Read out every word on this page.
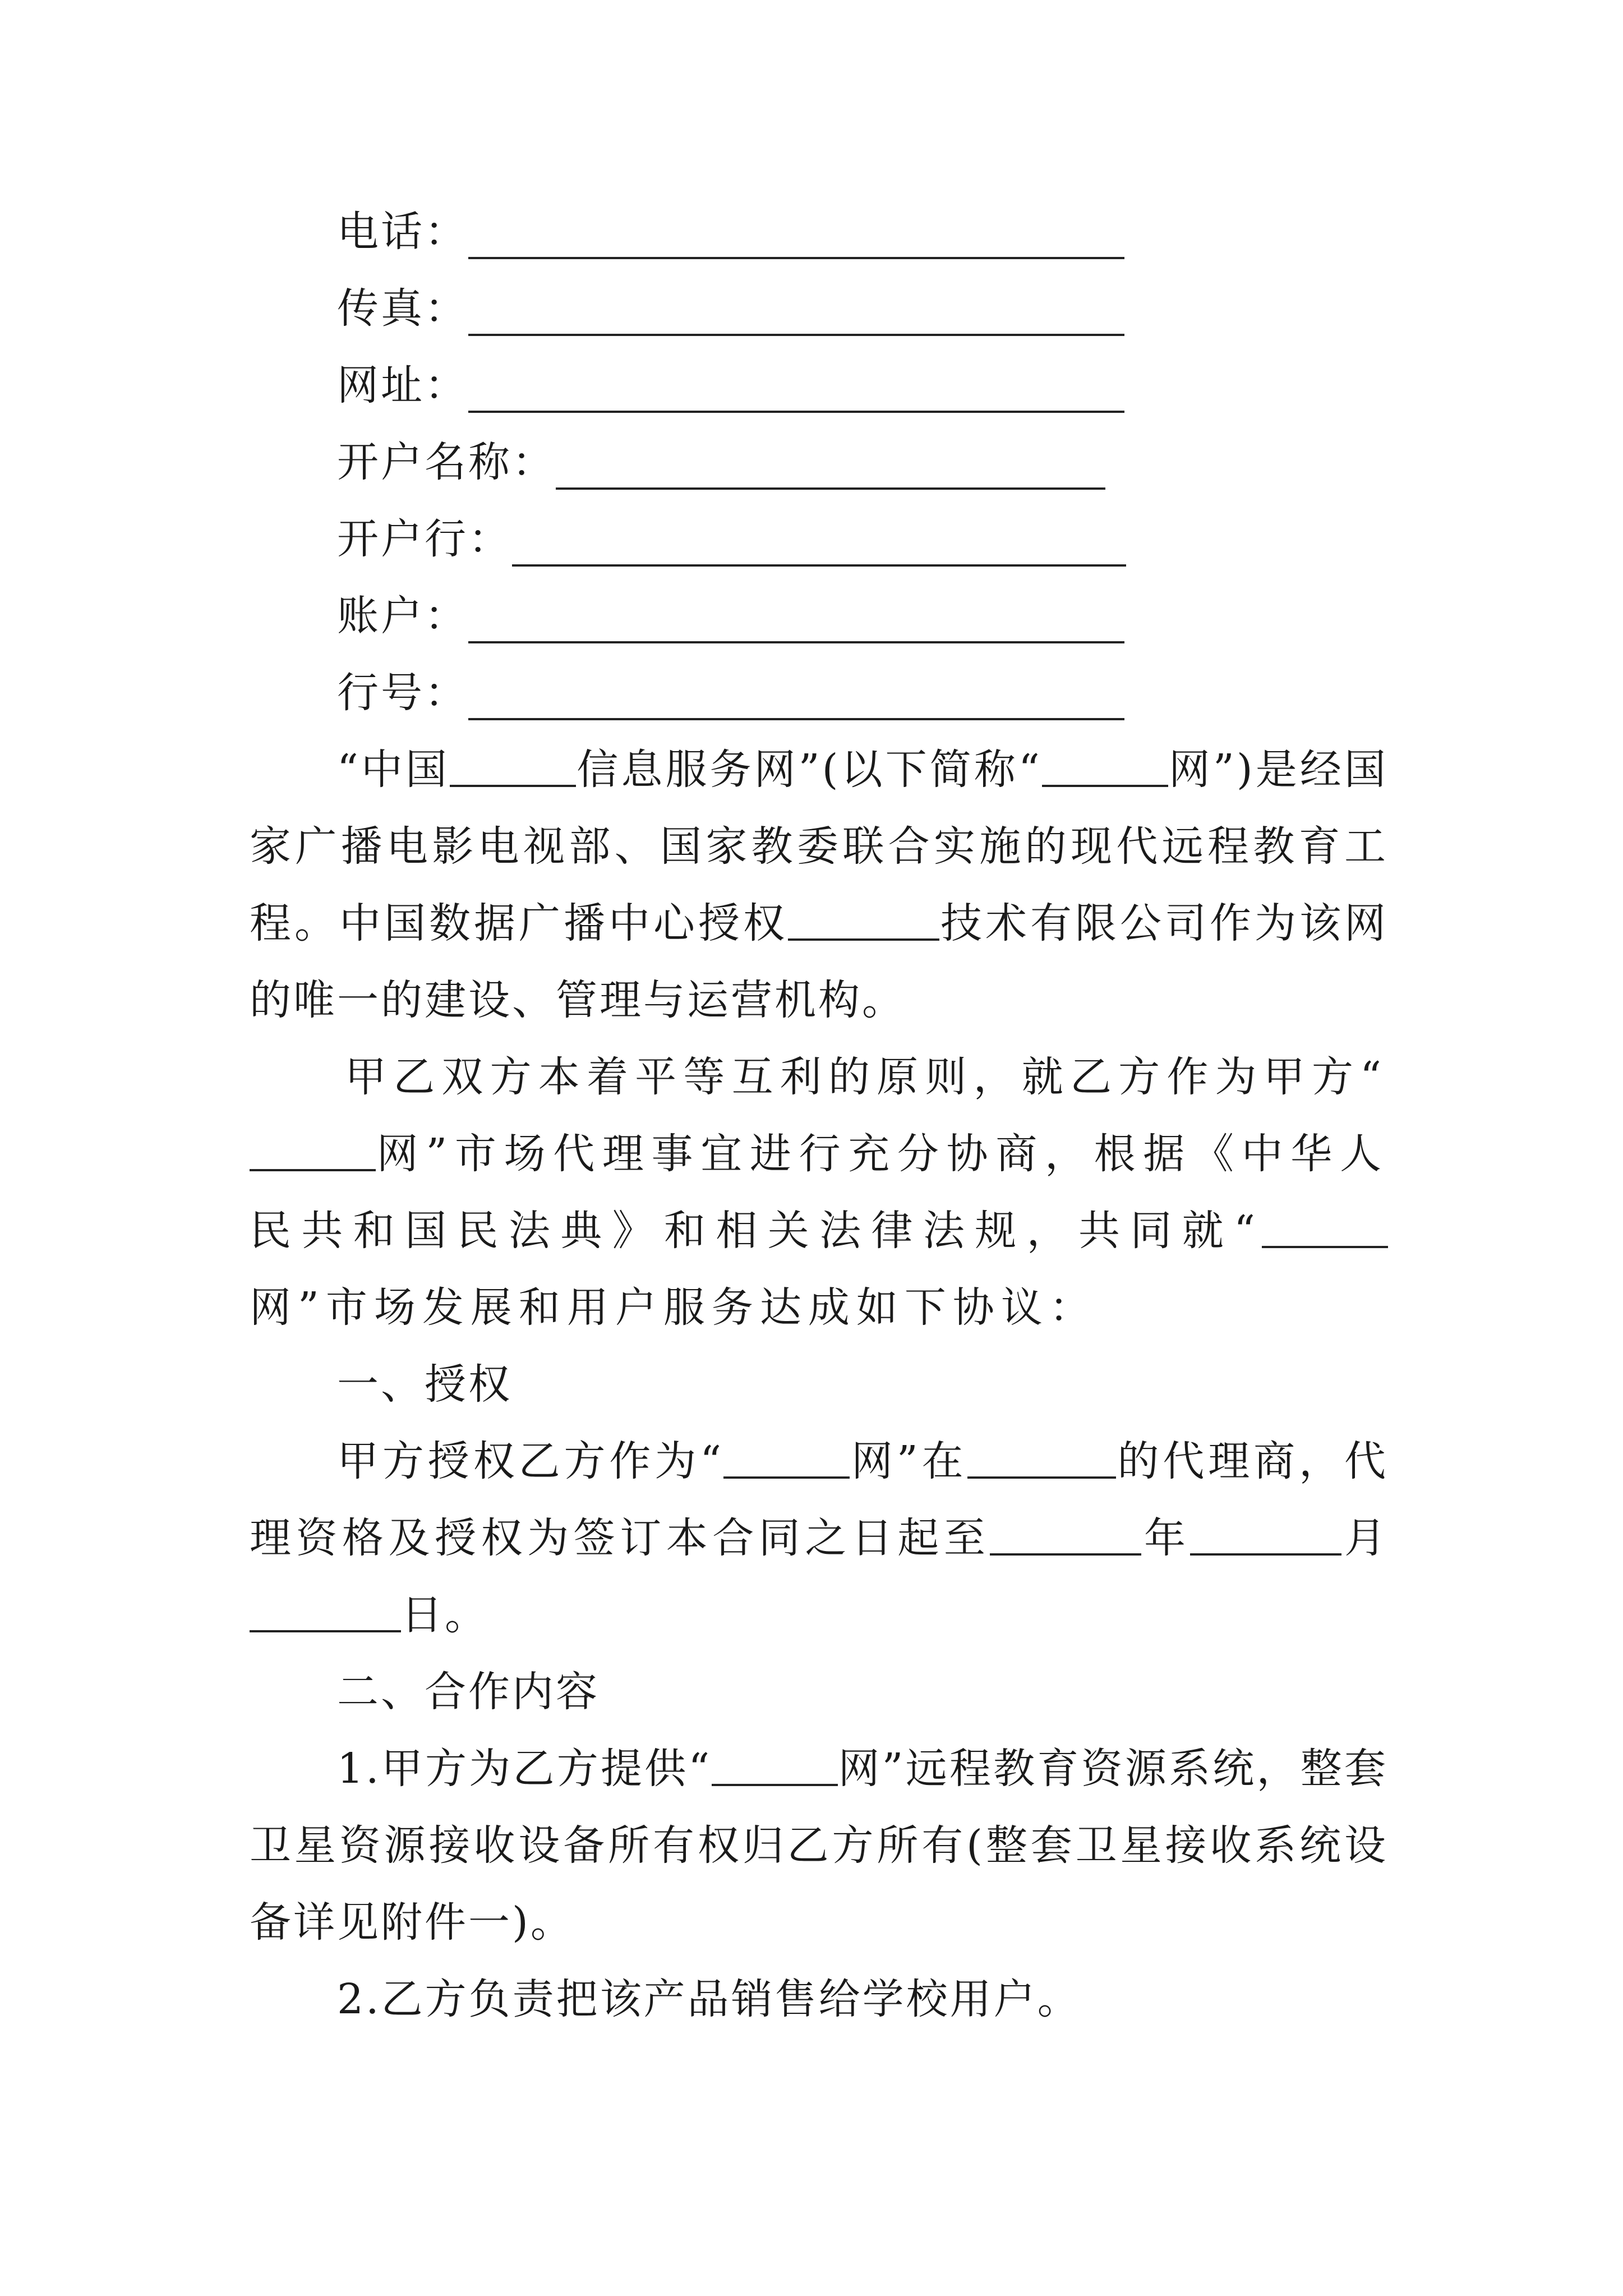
电话：
传真：
网址：
开户名称：
开户行：
账户：
行号：

“中国	信息服务网”(以下简称“	网”)是经国家广播电影电视部、国家教委联合实施的现代远程教育工程。中国数据广播中心授权	技术有限公司作为该网的唯一的建设、管理与运营机构。

甲乙双方本着平等互利的原则，就乙方作为甲方“网”市场代理事宜进行充分协商，根据《中华人民共和国民法典》和相关法律法规，共同就“网”市场发展和用户服务达成如下协议：

一、授权

甲方授权乙方作为“	网”在	的代理商，代理资格及授权为签订本合同之日起至	年	月日。

二、合作内容

1.甲方为乙方提供“	网”远程教育资源系统，整套卫星资源接收设备所有权归乙方所有(整套卫星接收系统设备详见附件一)。

2.乙方负责把该产品销售给学校用户。
